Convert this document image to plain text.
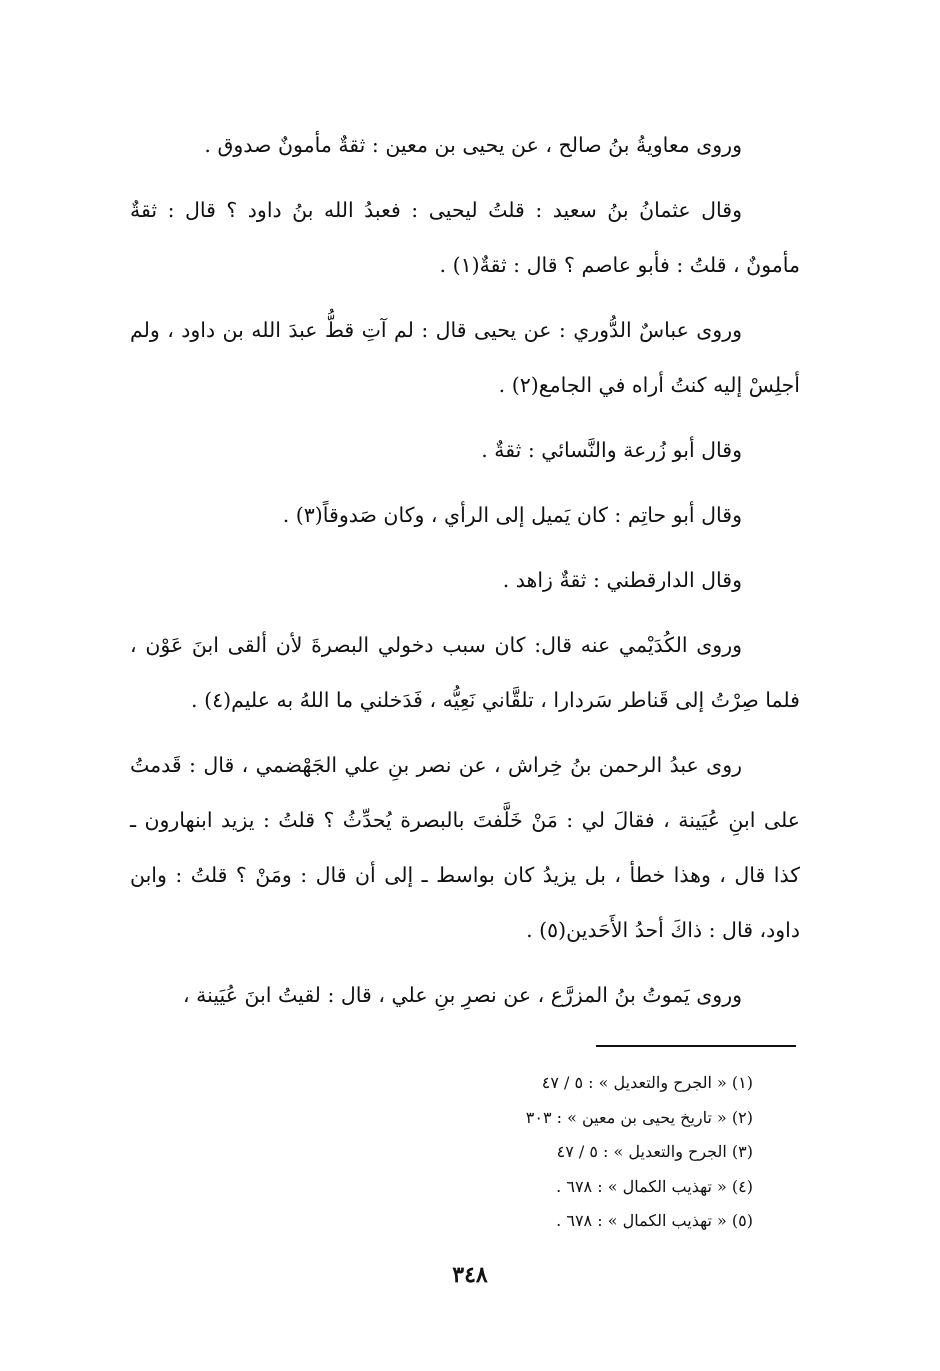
وروى معاويةُ بنُ صالح ، عن يحيى بن معين : ثقةٌ مأمونٌ صدوق .

وقال عثمانُ بنُ سعيد : قلتُ ليحيى : فعبدُ الله بنُ داود ؟ قال : ثقةٌ مأمونٌ ، قلتُ : فأبو عاصم ؟ قال : ثقةٌ(١) .

وروى عباسٌ الدُّوري : عن يحيى قال : لم آتِ قطُّ عبدَ الله بن داود ، ولم أجلِسْ إليه كنتُ أراه في الجامع(٢) .

وقال أبو زُرعة والنَّسائي : ثقةٌ .

وقال أبو حاتِم : كان يَميل إلى الرأي ، وكان صَدوقاً(٣) .

وقال الدارقطني : ثقةٌ زاهد .

وروى الكُدَيْمي عنه قال: كان سبب دخولي البصرةَ لأن ألقى ابنَ عَوْن ، فلما صِرْتُ إلى قَناطر سَردارا ، تلقَّاني نَعِيُّه ، فَدَخلني ما اللهُ به عليم(٤) .

روى عبدُ الرحمن بنُ خِراش ، عن نصر بنِ علي الجَهْضمي ، قال : قَدمتُ على ابنِ عُيَينة ، فقالَ لي : مَنْ خَلَّفتَ بالبصرة يُحدِّثُ ؟ قلتُ : يزيد ابنهارون ـ كذا قال ، وهذا خطأ ، بل يزيدُ كان بواسط ـ إلى أن قال : ومَنْ ؟ قلتُ : وابن داود، قال : ذاكَ أحدُ الأَحَدين(٥) .

وروى يَموتُ بنُ المزرَّع ، عن نصرِ بنِ علي ، قال : لقيتُ ابنَ عُيَينة ،

(١) « الجرح والتعديل » : ٥ / ٤٧
(٢) « تاريخ يحيى بن معين » : ٣٠٣
(٣) الجرح والتعديل » : ٥ / ٤٧
(٤) « تهذيب الكمال » : ٦٧٨ .
(٥) « تهذيب الكمال » : ٦٧٨ .
٣٤٨
